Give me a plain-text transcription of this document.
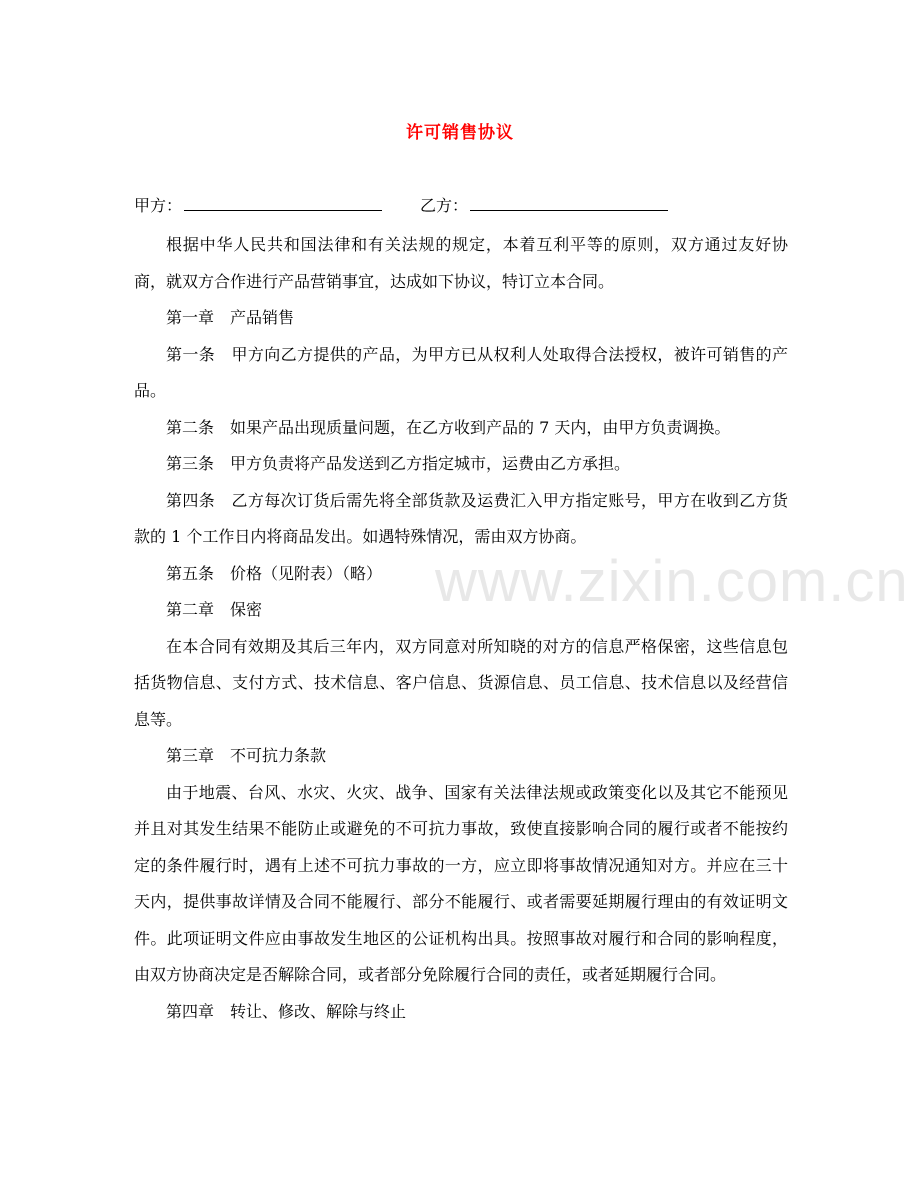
www.zixin.com.cn
许可销售协议
甲方：	乙方：

根据中华人民共和国法律和有关法规的规定，本着互利平等的原则，双方通过友好协商，就双方合作进行产品营销事宜，达成如下协议，特订立本合同。

第一章　产品销售

第一条　甲方向乙方提供的产品，为甲方已从权利人处取得合法授权，被许可销售的产品。

第二条　如果产品出现质量问题，在乙方收到产品的 7 天内，由甲方负责调换。

第三条　甲方负责将产品发送到乙方指定城市，运费由乙方承担。

第四条　乙方每次订货后需先将全部货款及运费汇入甲方指定账号，甲方在收到乙方货款的 1 个工作日内将商品发出。如遇特殊情况，需由双方协商。

第五条　价格（见附表）（略）

第二章　保密

在本合同有效期及其后三年内，双方同意对所知晓的对方的信息严格保密，这些信息包括货物信息、支付方式、技术信息、客户信息、货源信息、员工信息、技术信息以及经营信息等。

第三章　不可抗力条款

由于地震、台风、水灾、火灾、战争、国家有关法律法规或政策变化以及其它不能预见并且对其发生结果不能防止或避免的不可抗力事故，致使直接影响合同的履行或者不能按约定的条件履行时，遇有上述不可抗力事故的一方，应立即将事故情况通知对方。并应在三十天内，提供事故详情及合同不能履行、部分不能履行、或者需要延期履行理由的有效证明文件。此项证明文件应由事故发生地区的公证机构出具。按照事故对履行和合同的影响程度，由双方协商决定是否解除合同，或者部分免除履行合同的责任，或者延期履行合同。

第四章　转让、修改、解除与终止
